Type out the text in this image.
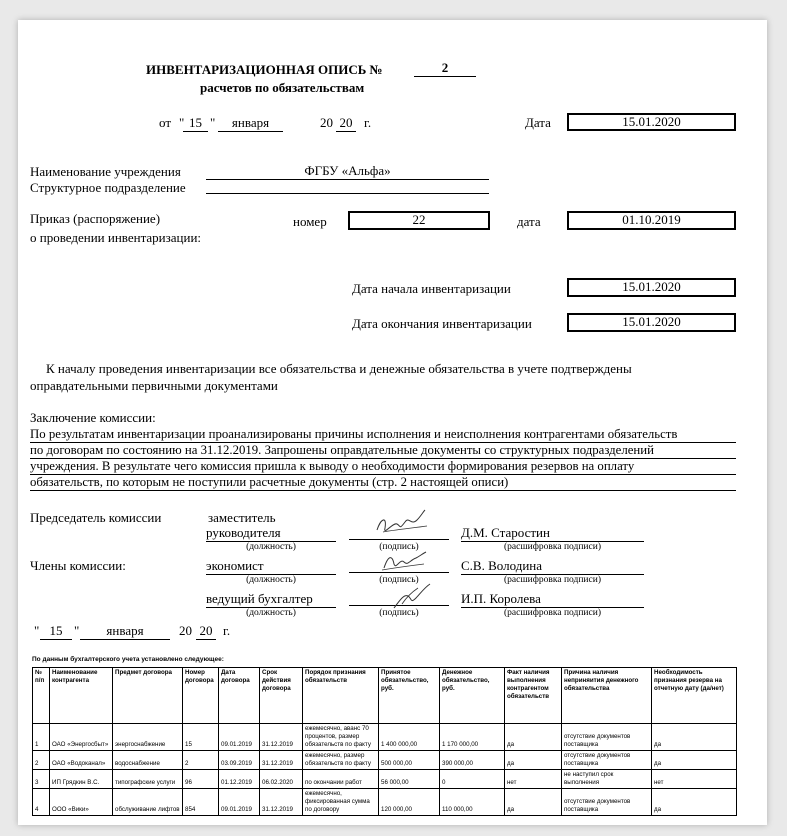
ИНВЕНТАРИЗАЦИОННАЯ ОПИСЬ №	2
расчетов по обязательствам
от " 15 "	января	20 20 г.	Дата	15.01.2020
Наименование учреждения	ФГБУ «Альфа»
Структурное подразделение
Приказ (распоряжение)
о проведении инвентаризации:
номер	22	дата	01.10.2019
Дата начала инвентаризации	15.01.2020
Дата окончания инвентаризации	15.01.2020
К началу проведения инвентаризации все обязательства и денежные обязательства в учете подтверждены
оправдательными первичными документами
Заключение комиссии:
По результатам инвентаризации проанализированы причины исполнения и неисполнения контрагентами обязательств
по договорам по состоянию на 31.12.2019. Запрошены оправдательные документы со структурных подразделений
учреждения. В результате чего комиссия пришла к выводу о необходимости формирования резервов на оплату
обязательств, по которым не поступили расчетные документы (стр. 2 настоящей описи)
Председатель комиссии	заместитель
руководителя
(должность)	(подпись)
Д.М. Старостин
(расшифровка подписи)
Члены комиссии:	экономист
(должность)	(подпись)
С.В. Володина
(расшифровка подписи)
ведущий бухгалтер
(должность)	(подпись)
И.П. Королева
(расшифровка подписи)
" 15 "	января	20 20 г.
По данным бухгалтерского учета установлено следующее:
№ п/п	Наименование контрагента	Предмет договора	Номер договора	Дата договора	Срок действия договора	Порядок признания обязательств	Принятое обязательство, руб.	Денежное обязательство, руб.	Факт наличия выполнения контрагентом обязательств	Причина наличия неприняития денежного обязательства	Необходимость признания резерва на отчетную дату (да/нет)
1	ОАО «Энергосбыт»	энергоснабжение	15	09.01.2019	31.12.2019	ежемесячно, аванс 70 процентов, размер обязательств по факту	1 400 000,00	1 170 000,00	да	отсутствие документов поставщика	да
2	ОАО «Водоканал»	водоснабжение	2	03.09.2019	31.12.2019	ежемесячно, размер обязательств по факту	500 000,00	390 000,00	да	отсутствие документов поставщика	да
3	ИП Грядкин В.С.	типографские услуги	96	01.12.2019	06.02.2020	по окончании работ	56 000,00	0	нет	не наступил срок выполнения	нет
4	ООО «Вики»	обслуживание лифтов	854	09.01.2019	31.12.2019	ежемесячно, фиксированная сумма по договору	120 000,00	110 000,00	да	отсутствие документов поставщика	да
